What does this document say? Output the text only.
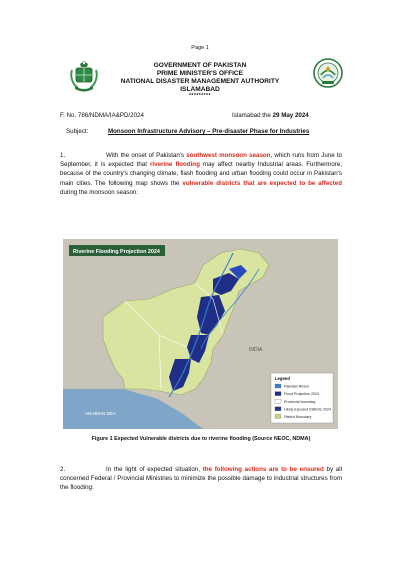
Page 1
GOVERNMENT OF PAKISTAN
PRIME MINISTER'S OFFICE
NATIONAL DISASTER MANAGEMENT AUTHORITY
ISLAMABAD
*********
F. No. 786/NDMA/IA&PD/2024	Islamabad the 29 May 2024
Subject:	Monsoon Infrastructure Advisory – Pre-disaster Phase for Industries
1.	With the onset of Pakistan's southwest monsoon season, which runs from June to September, it is expected that riverine flooding may affect nearby Industrial areas. Furthermore, because of the country's changing climate, flash flooding and urban flooding could occur in Pakistan's main cities. The following map shows the vulnerable districts that are expected to be affected during the monsoon season:
Riverine Flooding Projection 2024
INDIA
ARABIAN SEA
Legend
Pakistan Rivers
Flood Projection 2024
Provincial boundary
Likely Exposed Districts 2024
District Boundary
Figure 1 Expected Vulnerable districts due to riverine flooding (Source NEOC, NDMA)
2.	In the light of expected situation, the following actions are to be ensured by all concerned Federal / Provincial Ministries to minimize the possible damage to industrial structures from the flooding:
